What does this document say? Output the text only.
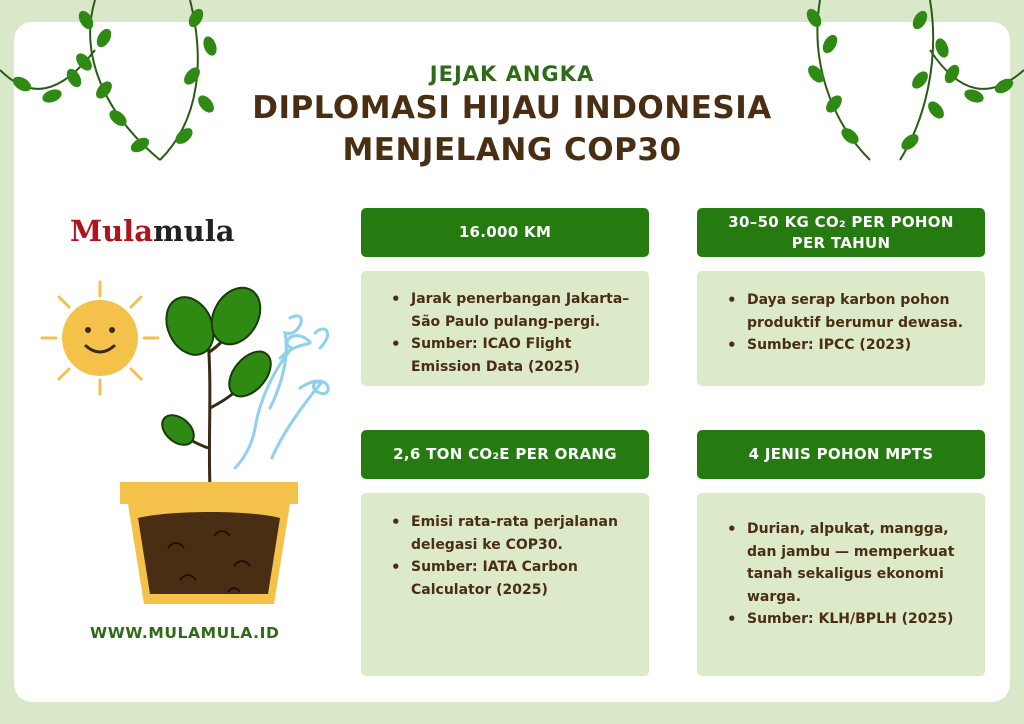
JEJAK ANGKA
DIPLOMASI HIJAU INDONESIA
MENJELANG COP30
Mulamula
WWW.MULAMULA.ID
16.000 KM
• Jarak penerbangan Jakarta–São Paulo pulang-pergi.
• Sumber: ICAO Flight Emission Data (2025)
30–50 KG CO₂ PER POHON
PER TAHUN
• Daya serap karbon pohon produktif berumur dewasa.
• Sumber: IPCC (2023)
2,6 TON CO₂E PER ORANG
• Emisi rata-rata perjalanan delegasi ke COP30.
• Sumber: IATA Carbon Calculator (2025)
4 JENIS POHON MPTS
• Durian, alpukat, mangga, dan jambu — memperkuat tanah sekaligus ekonomi warga.
• Sumber: KLH/BPLH (2025)
